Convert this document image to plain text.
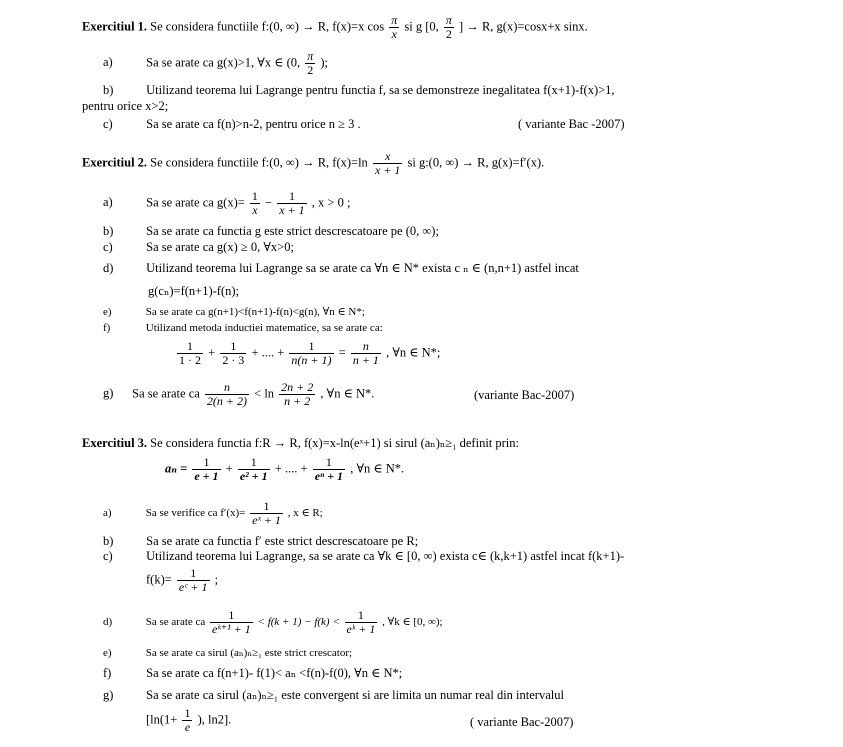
Exercitiul 1. Se considera functiile f:(0, ∞) → R, f(x)=x $\cos \frac{\pi}{x}$ si g [0, $\frac{\pi}{2}$ ] → R, g(x)=cosx+x sinx.
a)	Sa se arate ca g(x)>1, ∀x ∈ (0, $\frac{\pi}{2}$ );
b)	Utilizand teorema lui Lagrange pentru functia f, sa se demonstreze inegalitatea f(x+1)-f(x)>1,
pentru orice x>2;
c)	Sa se arate ca f(n)>n-2, pentru orice n ≥ 3 .	( variante Bac -2007)
Exercitiul 2. Se considera functiile f:(0, ∞) → R, $f(x)=\ln \frac{x}{x + 1}$ si g:(0, ∞) → R, g(x)=f′(x).
a)	Sa se arate ca $g(x)= \frac{1}{x} - \frac{1}{x + 1}$ , x > 0 ;
b)	Sa se arate ca functia g este strict descrescatoare pe (0, ∞);
c)	Sa se arate ca g(x) ≥ 0, ∀x>0;
d)	Utilizand teorema lui Lagrange sa se arate ca ∀n ∈ N* exista c ₙ ∈ (n,n+1) astfel incat
g(cₙ)=f(n+1)-f(n);
e)	Sa se arate ca g(n+1)<f(n+1)-f(n)<g(n), ∀n ∈ N*;
f)	Utilizand metoda inductiei matematice, sa se arate ca:
$\frac{1}{1 \cdot 2} + \frac{1}{2 \cdot 3}$ + .... + $\frac{1}{n(n + 1)} = \frac{n}{n + 1}$ , ∀n ∈ N*;
g) Sa se arate ca $\frac{n}{2(n + 2)} < \ln \frac{2n + 2}{n + 2}$ , ∀n ∈ N*.	(variante Bac-2007)
Exercitiul 3. Se considera functia f:R → R, f(x)=x-ln(eˣ+1) si sirul (aₙ)ₙ≥₁ definit prin:
$a_n = \frac{1}{e + 1} + \frac{1}{\text{e² + 1}}$ + .... + $\frac{1}{\text{eⁿ + 1}}$ , ∀n ∈ N*.
a)	Sa se verifice ca $f'(x)= \frac{1}{\text{eˣ + 1}}$ , x ∈ R;
b)	Sa se arate ca functia f′ este strict descrescatoare pe R;
c)	Utilizand teorema lui Lagrange, sa se arate ca ∀k ∈ [0, ∞) exista c∈ (k,k+1) astfel incat f(k+1)-
$f(k)= \frac{1}{\text{eᶜ + 1}}$ ;
d)	Sa se arate ca $\frac{1}{\text{eᵏ⁺¹ + 1}} < f(k + 1) - f(k) < \frac{1}{\text{eᵏ + 1}}$ , ∀k ∈ [0, ∞);
e)	Sa se arate ca sirul (aₙ)ₙ≥₁ este strict crescator;
f)	Sa se arate ca f(n+1)- f(1)< aₙ <f(n)-f(0), ∀n ∈ N*;
g)	Sa se arate ca sirul (aₙ)ₙ≥₁ este convergent si are limita un numar real din intervalul
[$\ln(1+ \frac{1}{e}$ ), ln2].	( variante Bac-2007)
